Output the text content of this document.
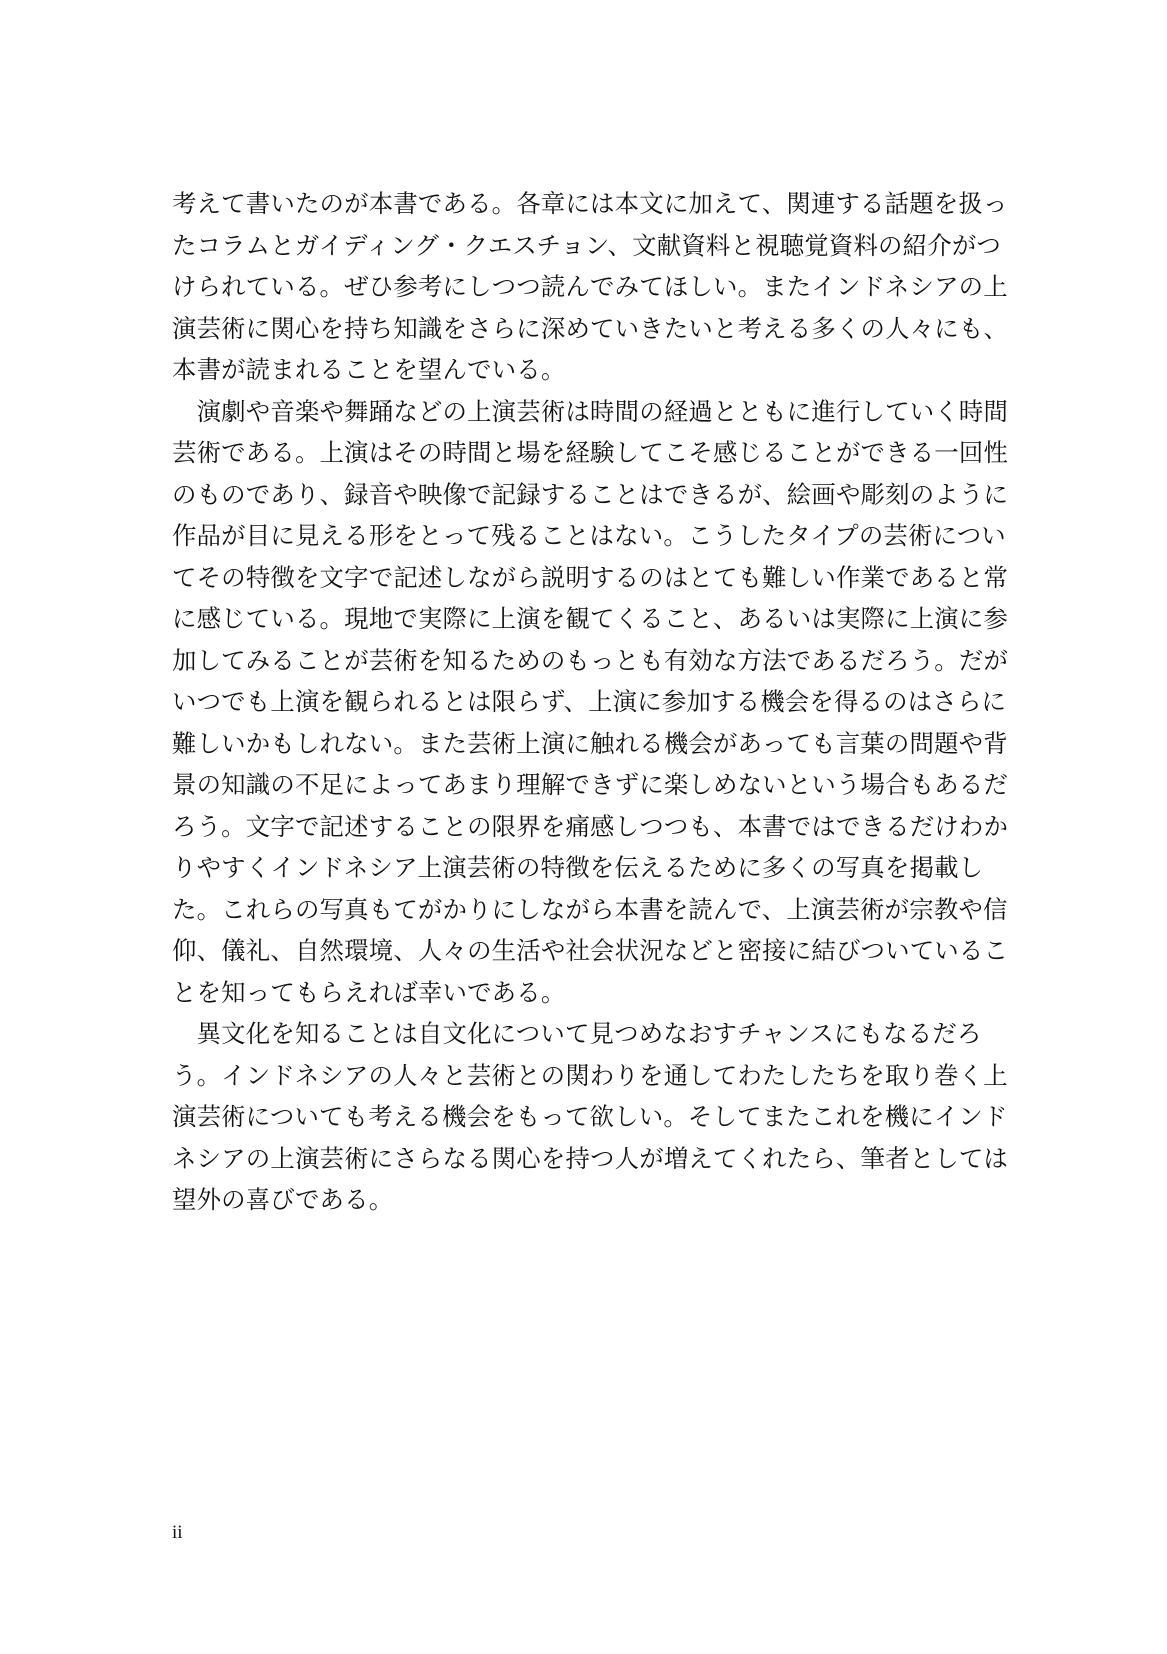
考えて書いたのが本書である。各章には本文に加えて、関連する話題を扱っ
たコラムとガイディング・クエスチョン、文献資料と視聴覚資料の紹介がつ
けられている。ぜひ参考にしつつ読んでみてほしい。またインドネシアの上
演芸術に関心を持ち知識をさらに深めていきたいと考える多くの人々にも、
本書が読まれることを望んでいる。
　演劇や音楽や舞踊などの上演芸術は時間の経過とともに進行していく時間
芸術である。上演はその時間と場を経験してこそ感じることができる一回性
のものであり、録音や映像で記録することはできるが、絵画や彫刻のように
作品が目に見える形をとって残ることはない。こうしたタイプの芸術につい
てその特徴を文字で記述しながら説明するのはとても難しい作業であると常
に感じている。現地で実際に上演を観てくること、あるいは実際に上演に参
加してみることが芸術を知るためのもっとも有効な方法であるだろう。だが
いつでも上演を観られるとは限らず、上演に参加する機会を得るのはさらに
難しいかもしれない。また芸術上演に触れる機会があっても言葉の問題や背
景の知識の不足によってあまり理解できずに楽しめないという場合もあるだ
ろう。文字で記述することの限界を痛感しつつも、本書ではできるだけわか
りやすくインドネシア上演芸術の特徴を伝えるために多くの写真を掲載し
た。これらの写真もてがかりにしながら本書を読んで、上演芸術が宗教や信
仰、儀礼、自然環境、人々の生活や社会状況などと密接に結びついているこ
とを知ってもらえれば幸いである。
　異文化を知ることは自文化について見つめなおすチャンスにもなるだろ
う。インドネシアの人々と芸術との関わりを通してわたしたちを取り巻く上
演芸術についても考える機会をもって欲しい。そしてまたこれを機にインド
ネシアの上演芸術にさらなる関心を持つ人が増えてくれたら、筆者としては
望外の喜びである。
ii
